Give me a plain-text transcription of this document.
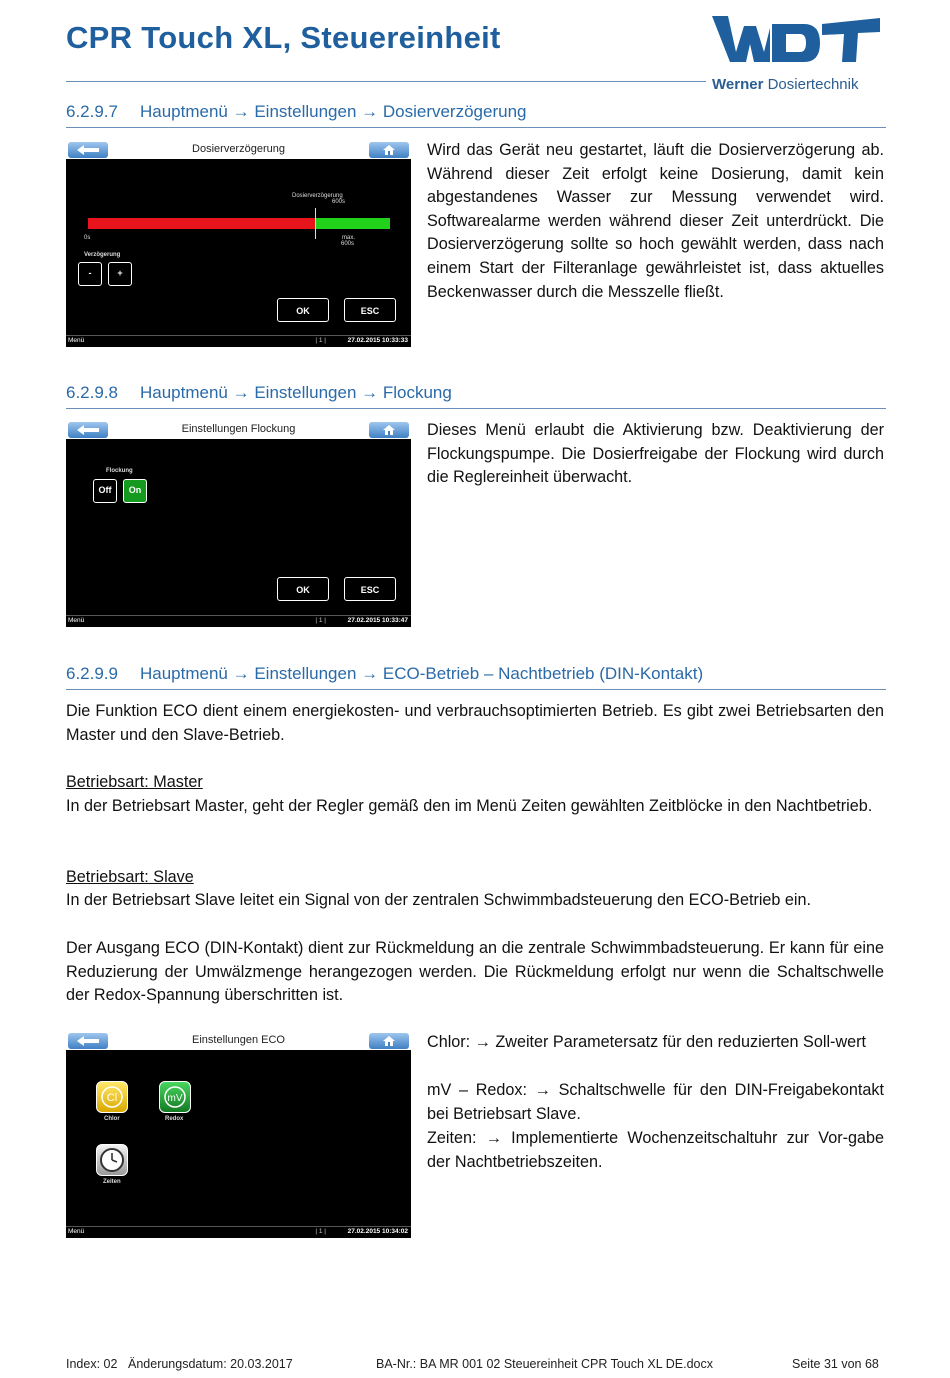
CPR Touch XL, Steuereinheit
Werner Dosiertechnik
6.2.9.7 Hauptmenü → Einstellungen → Dosierverzögerung
Dosierverzögerung
Dosierverzögerung
600s
0s	max.
600s
Verzögerung
-	+
OK	ESC
Menü	| 1 |	27.02.2015 10:33:33
Wird das Gerät neu gestartet, läuft die Dosierverzögerung ab. Während dieser Zeit erfolgt keine Dosierung, damit kein abgestandenes Wasser zur Messung verwendet wird. Softwarealarme werden während dieser Zeit unterdrückt. Die Dosierverzögerung sollte so hoch gewählt werden, dass nach einem Start der Filteranlage gewährleistet ist, dass aktuelles Beckenwasser durch die Messzelle fließt.
6.2.9.8 Hauptmenü → Einstellungen → Flockung
Einstellungen Flockung
Flockung
Off	On
OK	ESC
Menü	| 1 |	27.02.2015 10:33:47
Dieses Menü erlaubt die Aktivierung bzw. Deaktivierung der Flockungspumpe. Die Dosierfreigabe der Flockung wird durch die Reglereinheit überwacht.
6.2.9.9 Hauptmenü → Einstellungen → ECO-Betrieb – Nachtbetrieb (DIN-Kontakt)
Die Funktion ECO dient einem energiekosten- und verbrauchsoptimierten Betrieb. Es gibt zwei Betriebsarten den Master und den Slave-Betrieb.
Betriebsart: Master
In der Betriebsart Master, geht der Regler gemäß den im Menü Zeiten gewählten Zeitblöcke in den Nachtbetrieb.
Betriebsart: Slave
In der Betriebsart Slave leitet ein Signal von der zentralen Schwimmbadsteuerung den ECO-Betrieb ein.
Der Ausgang ECO (DIN-Kontakt) dient zur Rückmeldung an die zentrale Schwimmbadsteuerung. Er kann für eine Reduzierung der Umwälzmenge herangezogen werden. Die Rückmeldung erfolgt nur wenn die Schaltschwelle der Redox-Spannung überschritten ist.
Einstellungen ECO
Cl
Chlor
mV
Redox
Zeiten
Menü	| 1 |	27.02.2015 10:34:02
Chlor: → Zweiter Parametersatz für den reduzierten Soll-wert
mV – Redox: → Schaltschwelle für den DIN-Freigabekontakt bei Betriebsart Slave.
Zeiten: → Implementierte Wochenzeitschaltuhr zur Vor-gabe der Nachtbetriebszeiten.
Index: 02 Änderungsdatum: 20.03.2017	BA-Nr.: BA MR 001 02 Steuereinheit CPR Touch XL DE.docx	Seite 31 von 68
